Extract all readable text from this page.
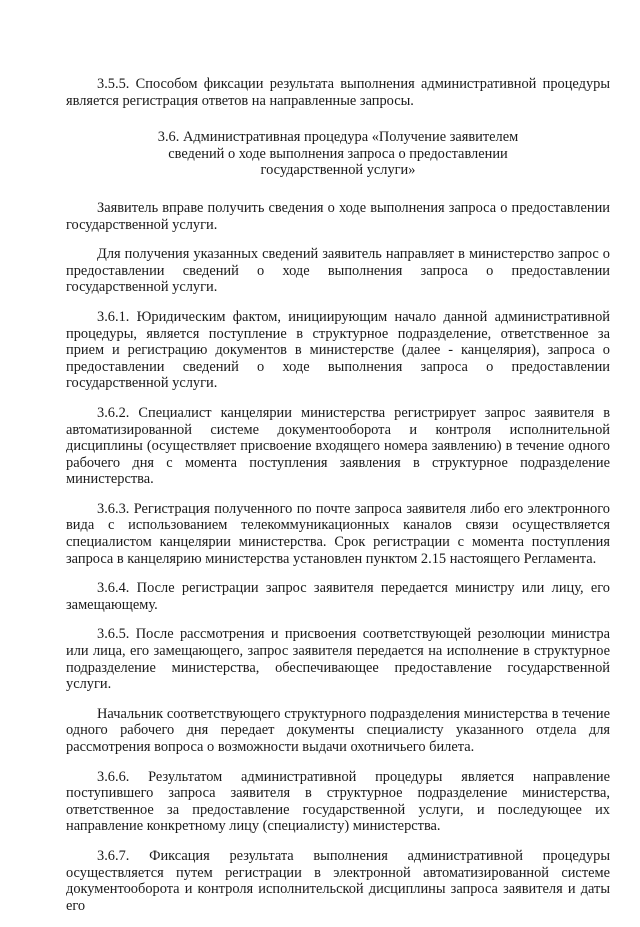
3.5.5. Способом фиксации результата выполнения административной процедуры является регистрация ответов на направленные запросы.

3.6. Административная процедура «Получение заявителем
сведений о ходе выполнения запроса о предоставлении
государственной услуги»

Заявитель вправе получить сведения о ходе выполнения запроса о предоставлении государственной услуги.

Для получения указанных сведений заявитель направляет в министерство запрос о предоставлении сведений о ходе выполнения запроса о предоставлении государственной услуги.

3.6.1. Юридическим фактом, инициирующим начало данной административной процедуры, является поступление в структурное подразделение, ответственное за прием и регистрацию документов в министерстве (далее - канцелярия), запроса о предоставлении сведений о ходе выполнения запроса о предоставлении государственной услуги.

3.6.2. Специалист канцелярии министерства регистрирует запрос заявителя в автоматизированной системе документооборота и контроля исполнительной дисциплины (осуществляет присвоение входящего номера заявлению) в течение одного рабочего дня с момента поступления заявления в структурное подразделение министерства.

3.6.3. Регистрация полученного по почте запроса заявителя либо его электронного вида с использованием телекоммуникационных каналов связи осуществляется специалистом канцелярии министерства. Срок регистрации с момента поступления запроса в канцелярию министерства установлен пунктом 2.15 настоящего Регламента.

3.6.4. После регистрации запрос заявителя передается министру или лицу, его замещающему.

3.6.5. После рассмотрения и присвоения соответствующей резолюции министра или лица, его замещающего, запрос заявителя передается на исполнение в структурное подразделение министерства, обеспечивающее предоставление государственной услуги.

Начальник соответствующего структурного подразделения министерства в течение одного рабочего дня передает документы специалисту указанного отдела для рассмотрения вопроса о возможности выдачи охотничьего билета.

3.6.6. Результатом административной процедуры является направление поступившего запроса заявителя в структурное подразделение министерства, ответственное за предоставление государственной услуги, и последующее их направление конкретному лицу (специалисту) министерства.

3.6.7. Фиксация результата выполнения административной процедуры осуществляется путем регистрации в электронной автоматизированной системе документооборота и контроля исполнительской дисциплины запроса заявителя и даты его
